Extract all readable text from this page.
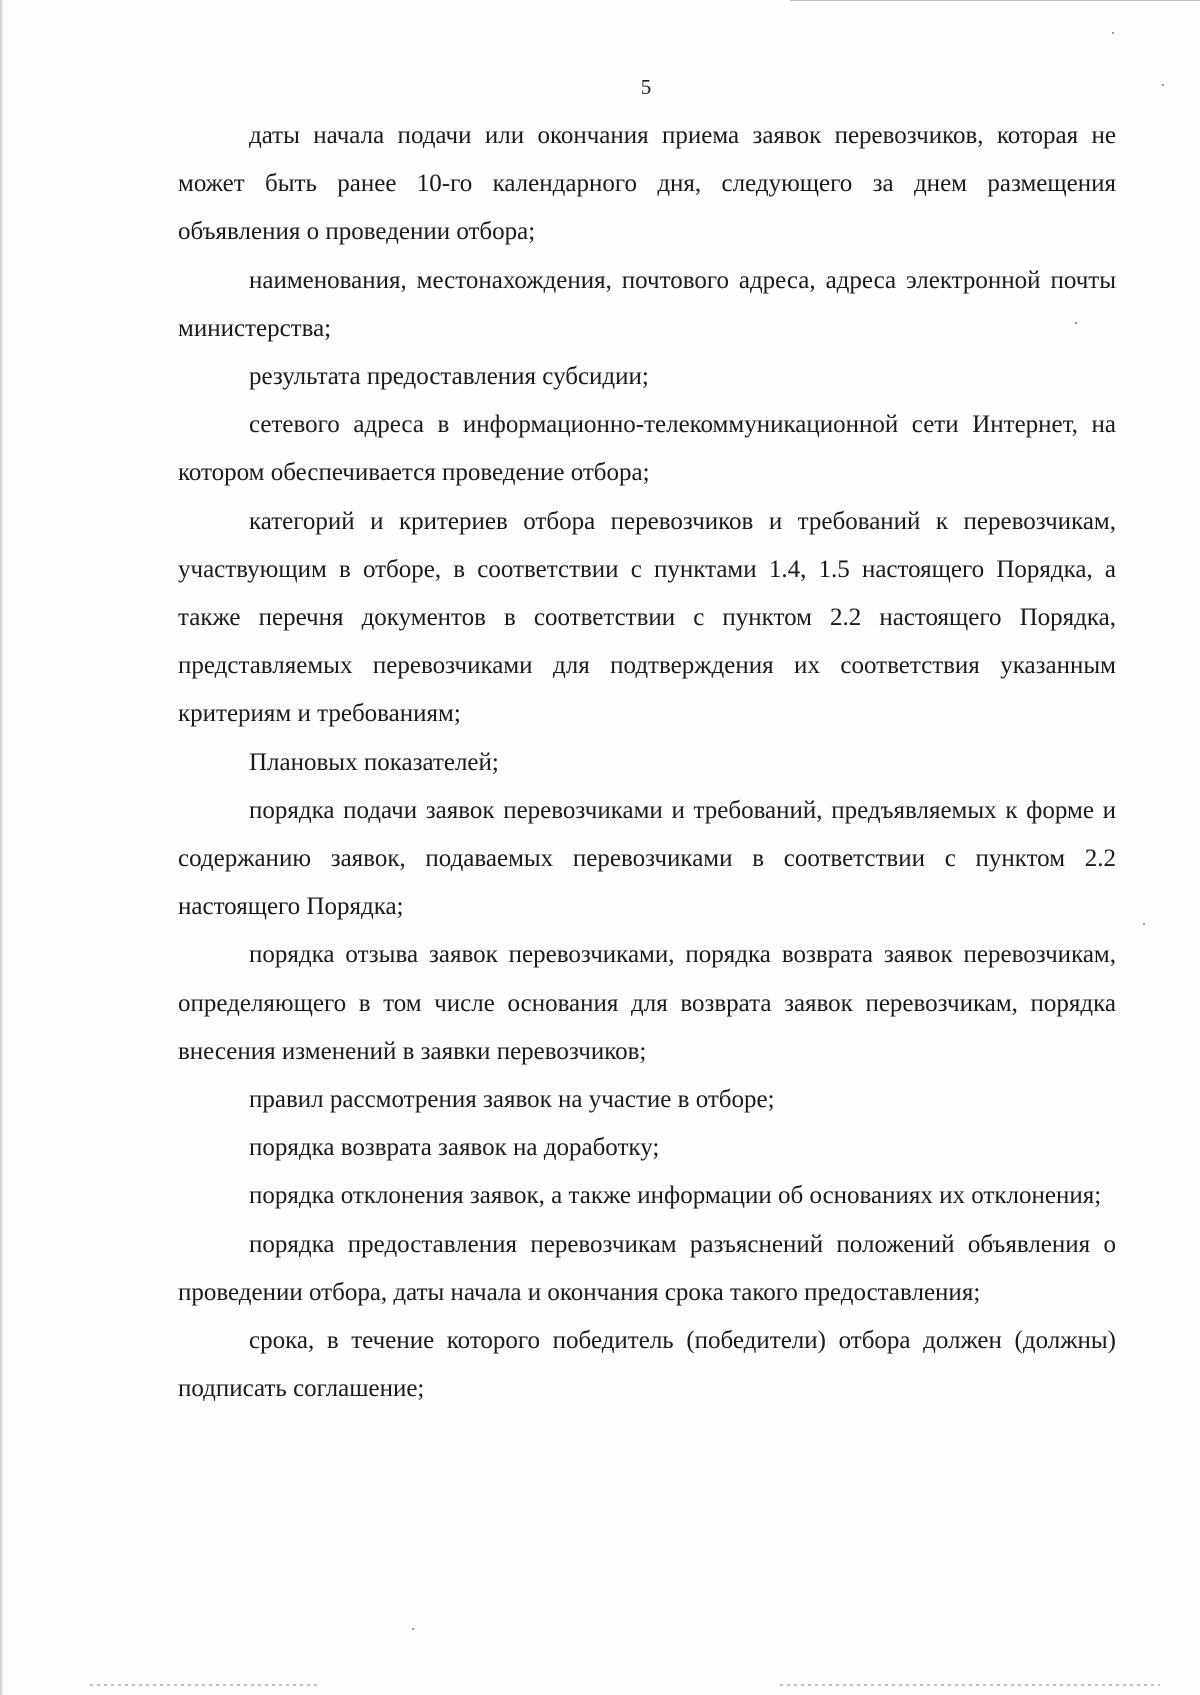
5

даты начала подачи или окончания приема заявок перевозчиков, которая не может быть ранее 10-го календарного дня, следующего за днем размещения объявления о проведении отбора;

наименования, местонахождения, почтового адреса, адреса электронной почты министерства;

результата предоставления субсидии;

сетевого адреса в информационно-телекоммуникационной сети Интернет, на котором обеспечивается проведение отбора;

категорий и критериев отбора перевозчиков и требований к перевозчикам, участвующим в отборе, в соответствии с пунктами 1.4, 1.5 настоящего Порядка, а также перечня документов в соответствии с пунктом 2.2 настоящего Порядка, представляемых перевозчиками для подтверждения их соответствия указанным критериям и требованиям;

Плановых показателей;

порядка подачи заявок перевозчиками и требований, предъявляемых к форме и содержанию заявок, подаваемых перевозчиками в соответствии с пунктом 2.2 настоящего Порядка;

порядка отзыва заявок перевозчиками, порядка возврата заявок перевозчикам, определяющего в том числе основания для возврата заявок перевозчикам, порядка внесения изменений в заявки перевозчиков;

правил рассмотрения заявок на участие в отборе;

порядка возврата заявок на доработку;

порядка отклонения заявок, а также информации об основаниях их отклонения;

порядка предоставления перевозчикам разъяснений положений объявления о проведении отбора, даты начала и окончания срока такого предоставления;

срока, в течение которого победитель (победители) отбора должен (должны) подписать соглашение;
